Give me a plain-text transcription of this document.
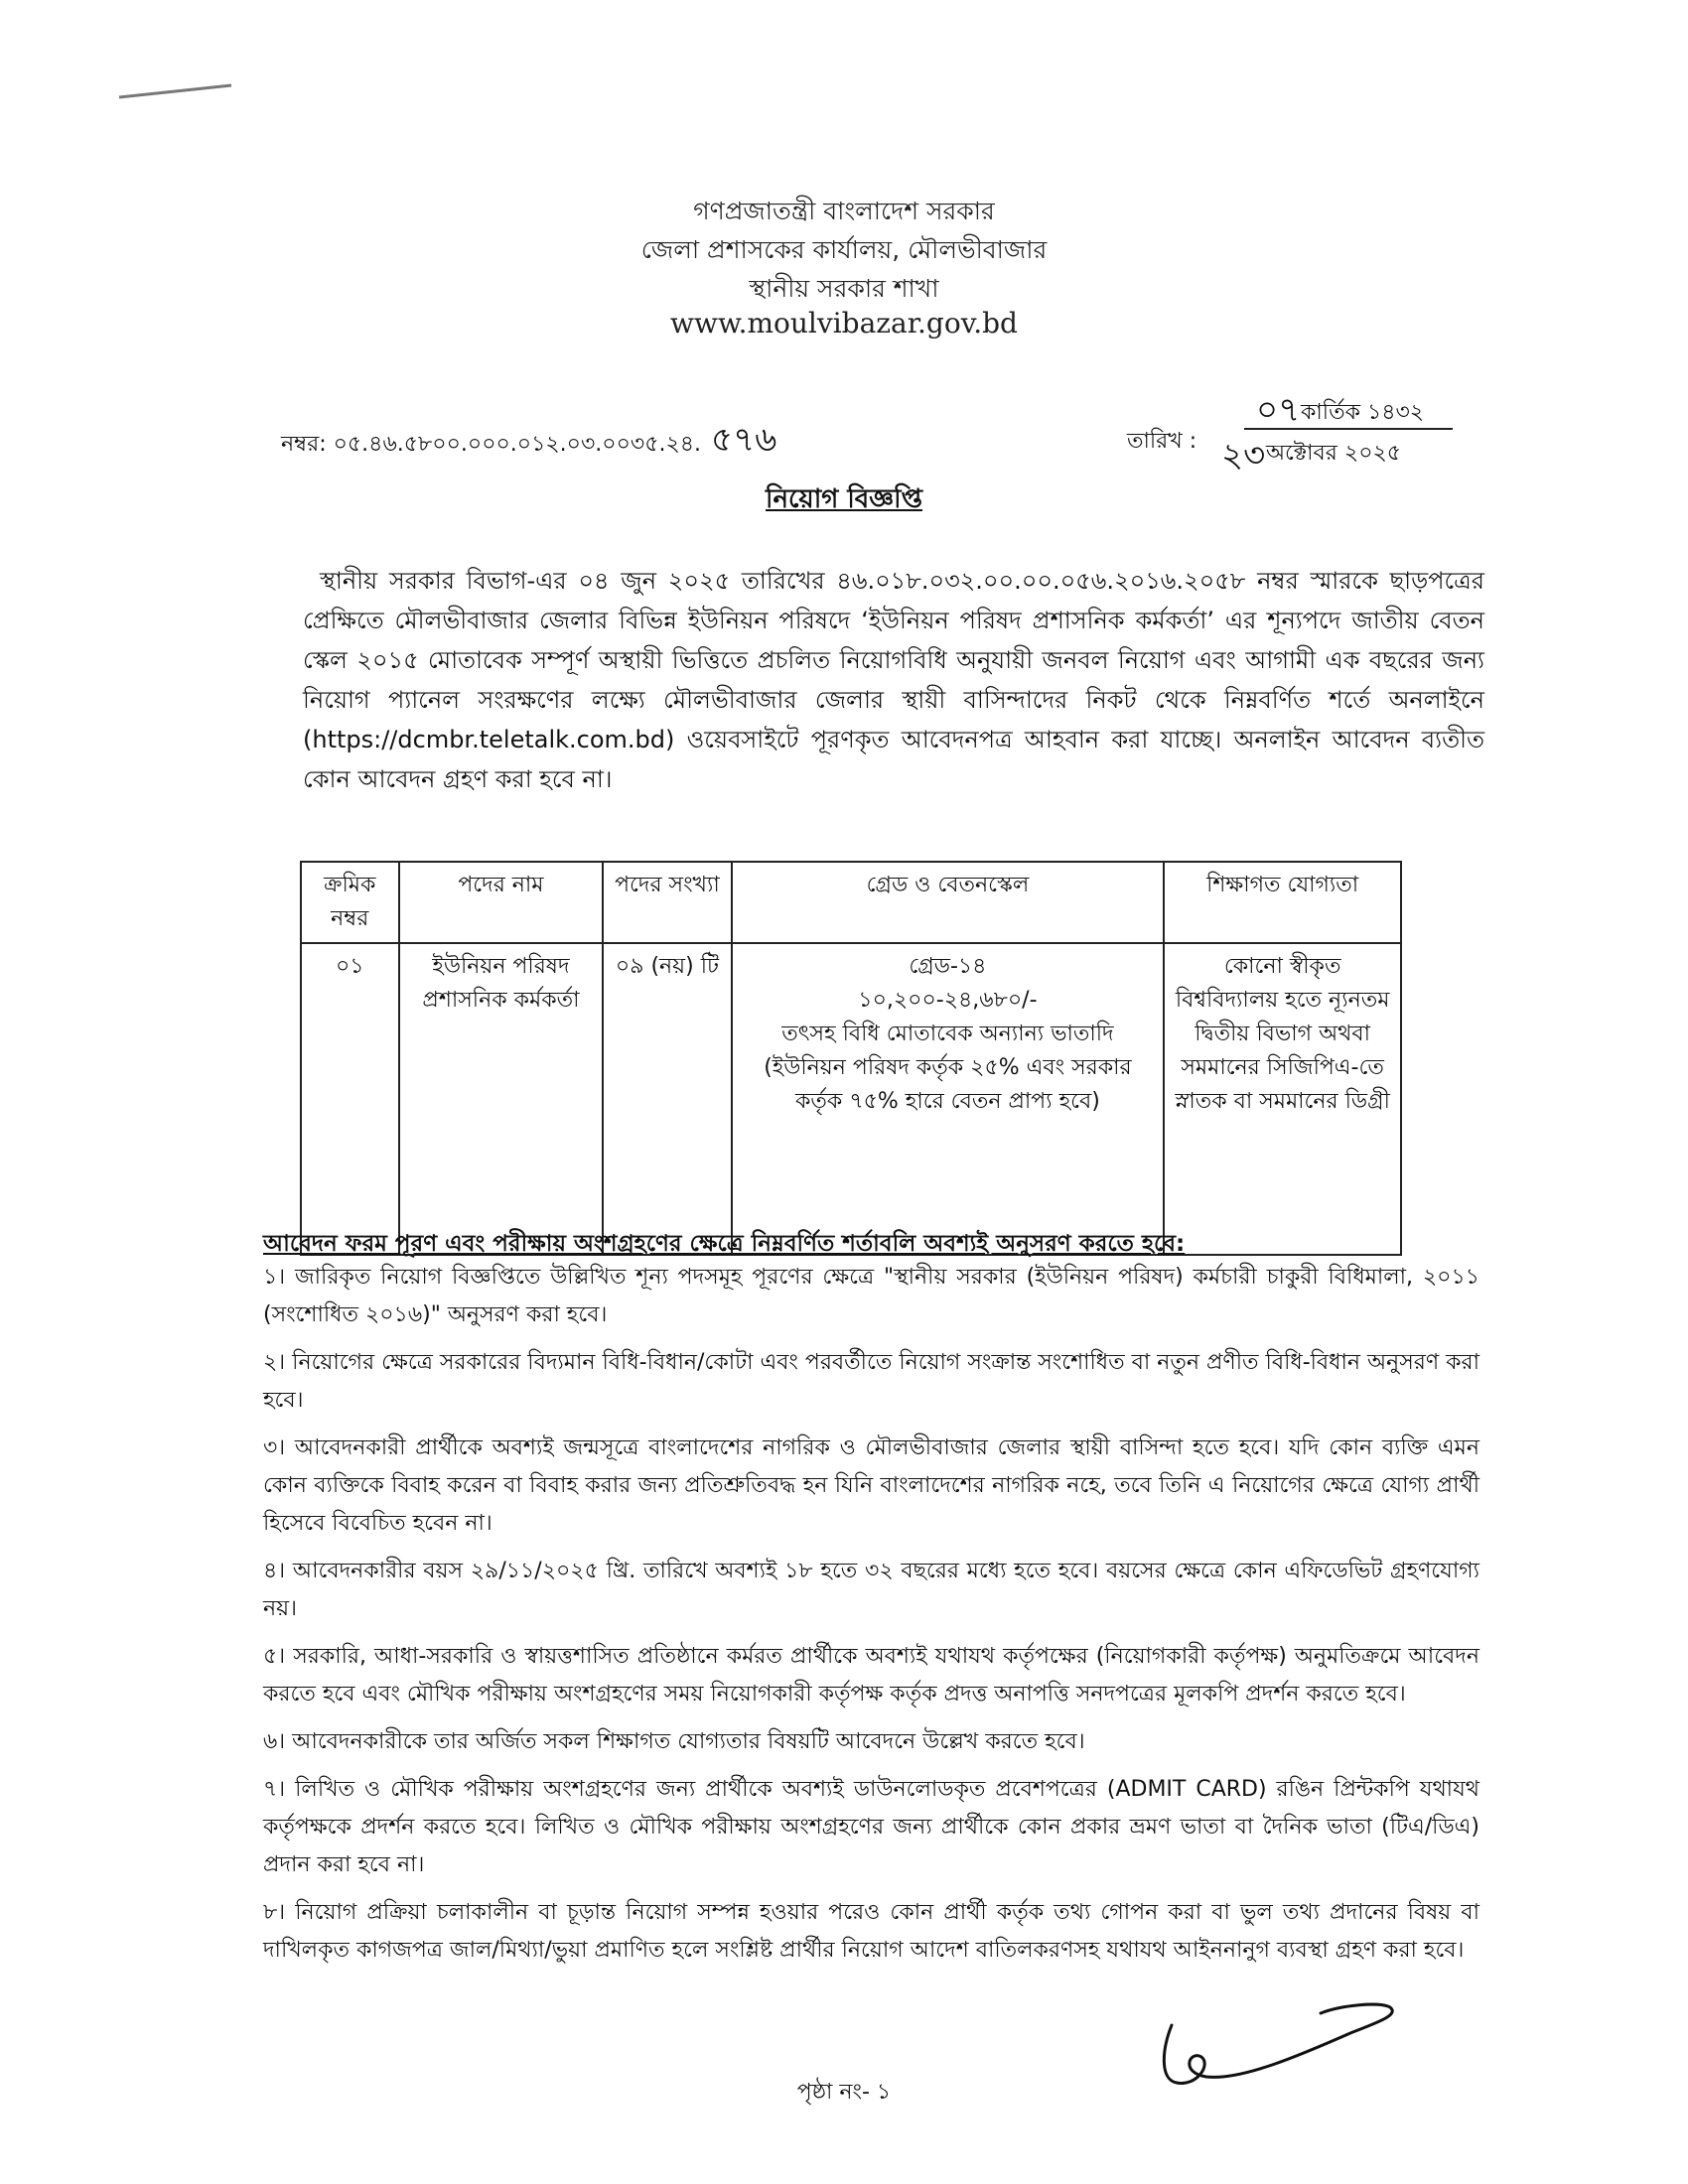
গণপ্রজাতন্ত্রী বাংলাদেশ সরকার
জেলা প্রশাসকের কার্যালয়, মৌলভীবাজার
স্থানীয় সরকার শাখা
www.moulvibazar.gov.bd
নম্বর: ০৫.৪৬.৫৮০০.০০০.০১২.০৩.০০৩৫.২৪. ৫৭৬
০৭ কার্তিক ১৪৩২
তারিখ : ২৩ অক্টোবর ২০২৫
নিয়োগ বিজ্ঞপ্তি
স্থানীয় সরকার বিভাগ-এর ০৪ জুন ২০২৫ তারিখের ৪৬.০১৮.০৩২.০০.০০.০৫৬.২০১৬.২০৫৮ নম্বর স্মারকে ছাড়পত্রের প্রেক্ষিতে মৌলভীবাজার জেলার বিভিন্ন ইউনিয়ন পরিষদে ‘ইউনিয়ন পরিষদ প্রশাসনিক কর্মকর্তা’ এর শূন্যপদে জাতীয় বেতন স্কেল ২০১৫ মোতাবেক সম্পূর্ণ অস্থায়ী ভিত্তিতে প্রচলিত নিয়োগবিধি অনুযায়ী জনবল নিয়োগ এবং আগামী এক বছরের জন্য নিয়োগ প্যানেল সংরক্ষণের লক্ষ্যে মৌলভীবাজার জেলার স্থায়ী বাসিন্দাদের নিকট থেকে নিম্নবর্ণিত শর্তে অনলাইনে (https://dcmbr.teletalk.com.bd) ওয়েবসাইটে পূরণকৃত আবেদনপত্র আহবান করা যাচ্ছে। অনলাইন আবেদন ব্যতীত কোন আবেদন গ্রহণ করা হবে না।
ক্রমিক নম্বর	পদের নাম	পদের সংখ্যা	গ্রেড ও বেতনস্কেল	শিক্ষাগত যোগ্যতা
০১	ইউনিয়ন পরিষদ প্রশাসনিক কর্মকর্তা	০৯ (নয়) টি	গ্রেড-১৪
১০,২০০-২৪,৬৮০/-
তৎসহ বিধি মোতাবেক অন্যান্য ভাতাদি (ইউনিয়ন পরিষদ কর্তৃক ২৫% এবং সরকার কর্তৃক ৭৫% হারে বেতন প্রাপ্য হবে)	কোনো স্বীকৃত বিশ্ববিদ্যালয় হতে ন্যূনতম দ্বিতীয় বিভাগ অথবা সমমানের সিজিপিএ-তে স্নাতক বা সমমানের ডিগ্রী
আবেদন ফরম পূরণ এবং পরীক্ষায় অংশগ্রহণের ক্ষেত্রে নিম্নবর্ণিত শর্তাবলি অবশ্যই অনুসরণ করতে হবে:
১। জারিকৃত নিয়োগ বিজ্ঞপ্তিতে উল্লিখিত শূন্য পদসমূহ পূরণের ক্ষেত্রে "স্থানীয় সরকার (ইউনিয়ন পরিষদ) কর্মচারী চাকুরী বিধিমালা, ২০১১ (সংশোধিত ২০১৬)" অনুসরণ করা হবে।
২। নিয়োগের ক্ষেত্রে সরকারের বিদ্যমান বিধি-বিধান/কোটা এবং পরবর্তীতে নিয়োগ সংক্রান্ত সংশোধিত বা নতুন প্রণীত বিধি-বিধান অনুসরণ করা হবে।
৩। আবেদনকারী প্রার্থীকে অবশ্যই জন্মসূত্রে বাংলাদেশের নাগরিক ও মৌলভীবাজার জেলার স্থায়ী বাসিন্দা হতে হবে। যদি কোন ব্যক্তি এমন কোন ব্যক্তিকে বিবাহ করেন বা বিবাহ করার জন্য প্রতিশ্রুতিবদ্ধ হন যিনি বাংলাদেশের নাগরিক নহে, তবে তিনি এ নিয়োগের ক্ষেত্রে যোগ্য প্রার্থী হিসেবে বিবেচিত হবেন না।
৪। আবেদনকারীর বয়স ২৯/১১/২০২৫ খ্রি. তারিখে অবশ্যই ১৮ হতে ৩২ বছরের মধ্যে হতে হবে। বয়সের ক্ষেত্রে কোন এফিডেভিট গ্রহণযোগ্য নয়।
৫। সরকারি, আধা-সরকারি ও স্বায়ত্তশাসিত প্রতিষ্ঠানে কর্মরত প্রার্থীকে অবশ্যই যথাযথ কর্তৃপক্ষের (নিয়োগকারী কর্তৃপক্ষ) অনুমতিক্রমে আবেদন করতে হবে এবং মৌখিক পরীক্ষায় অংশগ্রহণের সময় নিয়োগকারী কর্তৃপক্ষ কর্তৃক প্রদত্ত অনাপত্তি সনদপত্রের মূলকপি প্রদর্শন করতে হবে।
৬। আবেদনকারীকে তার অর্জিত সকল শিক্ষাগত যোগ্যতার বিষয়টি আবেদনে উল্লেখ করতে হবে।
৭। লিখিত ও মৌখিক পরীক্ষায় অংশগ্রহণের জন্য প্রার্থীকে অবশ্যই ডাউনলোডকৃত প্রবেশপত্রের (ADMIT CARD) রঙিন প্রিন্টকপি যথাযথ কর্তৃপক্ষকে প্রদর্শন করতে হবে। লিখিত ও মৌখিক পরীক্ষায় অংশগ্রহণের জন্য প্রার্থীকে কোন প্রকার ভ্রমণ ভাতা বা দৈনিক ভাতা (টিএ/ডিএ) প্রদান করা হবে না।
৮। নিয়োগ প্রক্রিয়া চলাকালীন বা চূড়ান্ত নিয়োগ সম্পন্ন হওয়ার পরেও কোন প্রার্থী কর্তৃক তথ্য গোপন করা বা ভুল তথ্য প্রদানের বিষয় বা দাখিলকৃত কাগজপত্র জাল/মিথ্যা/ভুয়া প্রমাণিত হলে সংশ্লিষ্ট প্রার্থীর নিয়োগ আদেশ বাতিলকরণসহ যথাযথ আইননানুগ ব্যবস্থা গ্রহণ করা হবে।
পৃষ্ঠা নং- ১
